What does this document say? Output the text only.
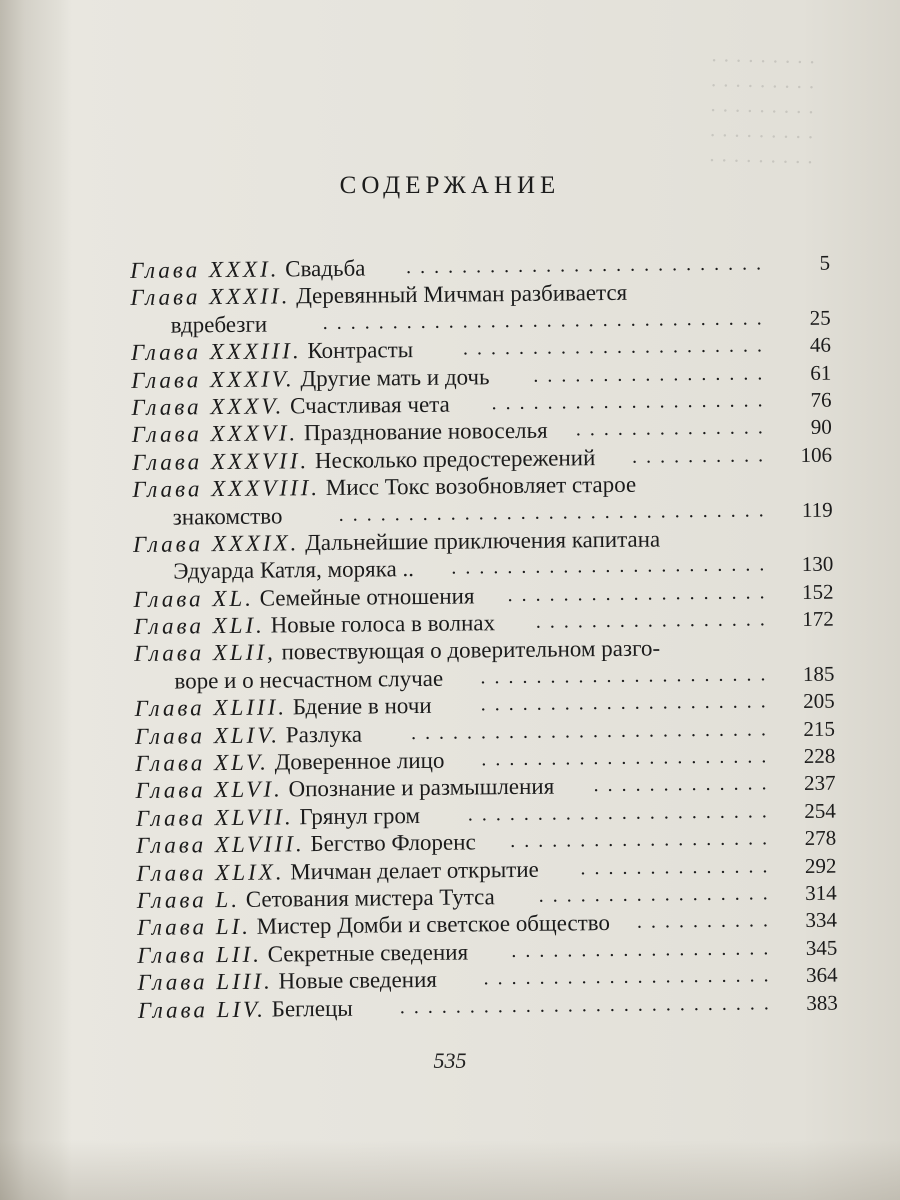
· · · · · · · · ·
· · · · · · · · ·
· · · · · · · · ·
· · · · · · · · ·
· · · · · · · · ·
СОДЕРЖАНИЕ
Глава XXXI. Свадьба	5
..........................
Глава XXXII. Деревянный Мичман разбивается
вдребезги	25
................................
Глава XXXIII. Контрасты	46
......................
Глава XXXIV. Другие мать и дочь	61
.................
Глава XXXV. Счастливая чета	76
....................
Глава XXXVI. Празднование новоселья	90
..............
Глава XXXVII. Несколько предостережений	106
..........
Глава XXXVIII. Мисс Токс возобновляет старое
знакомство	119
...............................
Глава XXXIX. Дальнейшие приключения капитана
Эдуарда Катля, моряка ..	130
.......................
Глава XL. Семейные отношения	152
...................
Глава XLI. Новые голоса в волнах	172
.................
Глава XLII, повествующая о доверительном разго-
воре и о несчастном случае	185
.....................
Глава XLIII. Бдение в ночи	205
.....................
Глава XLIV. Разлука	215
..........................
Глава XLV. Доверенное лицо	228
.....................
Глава XLVI. Опознание и размышления	237
.............
Глава XLVII. Грянул гром	254
......................
Глава XLVIII. Бегство Флоренс	278
...................
Глава XLIX. Мичман делает открытие	292
..............
Глава L. Сетования мистера Тутса	314
.................
Глава LI. Мистер Домби и светское общество	334
..........
Глава LII. Секретные сведения	345
...................
Глава LIII. Новые сведения	364
.....................
Глава LIV. Беглецы	383
...........................
535
